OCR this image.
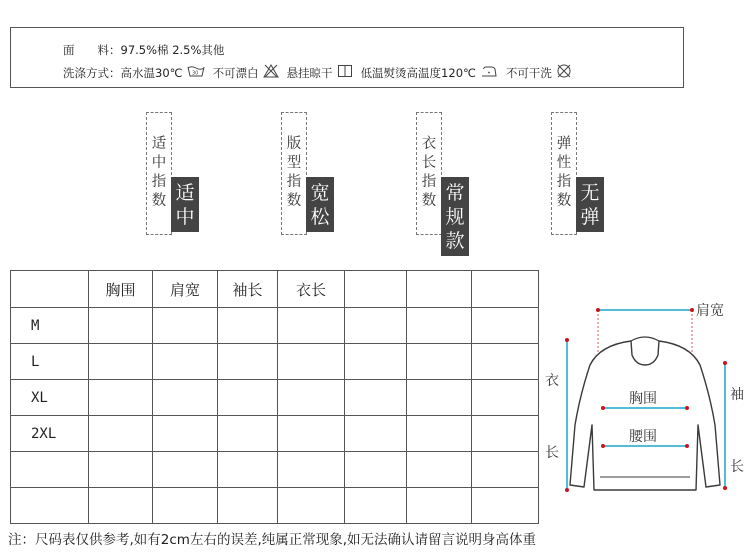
面　　料：97.5%棉 2.5%其他
洗涤方式：高水温30℃ 30 不可漂白 悬挂晾干 低温熨烫高温度120℃	不可干洗
适
中
指
数 适
中
版
型
指
数 宽
松
衣
长
指
数 常
规
款
弹
性
指
数 无
弹
	胸围	肩宽	袖长	衣长			
M							
L							
XL							
2XL							

肩宽
衣
长
袖
长
胸围
腰围
注：尺码表仅供参考,如有2cm左右的误差,纯属正常现象,如无法确认请留言说明身高体重
